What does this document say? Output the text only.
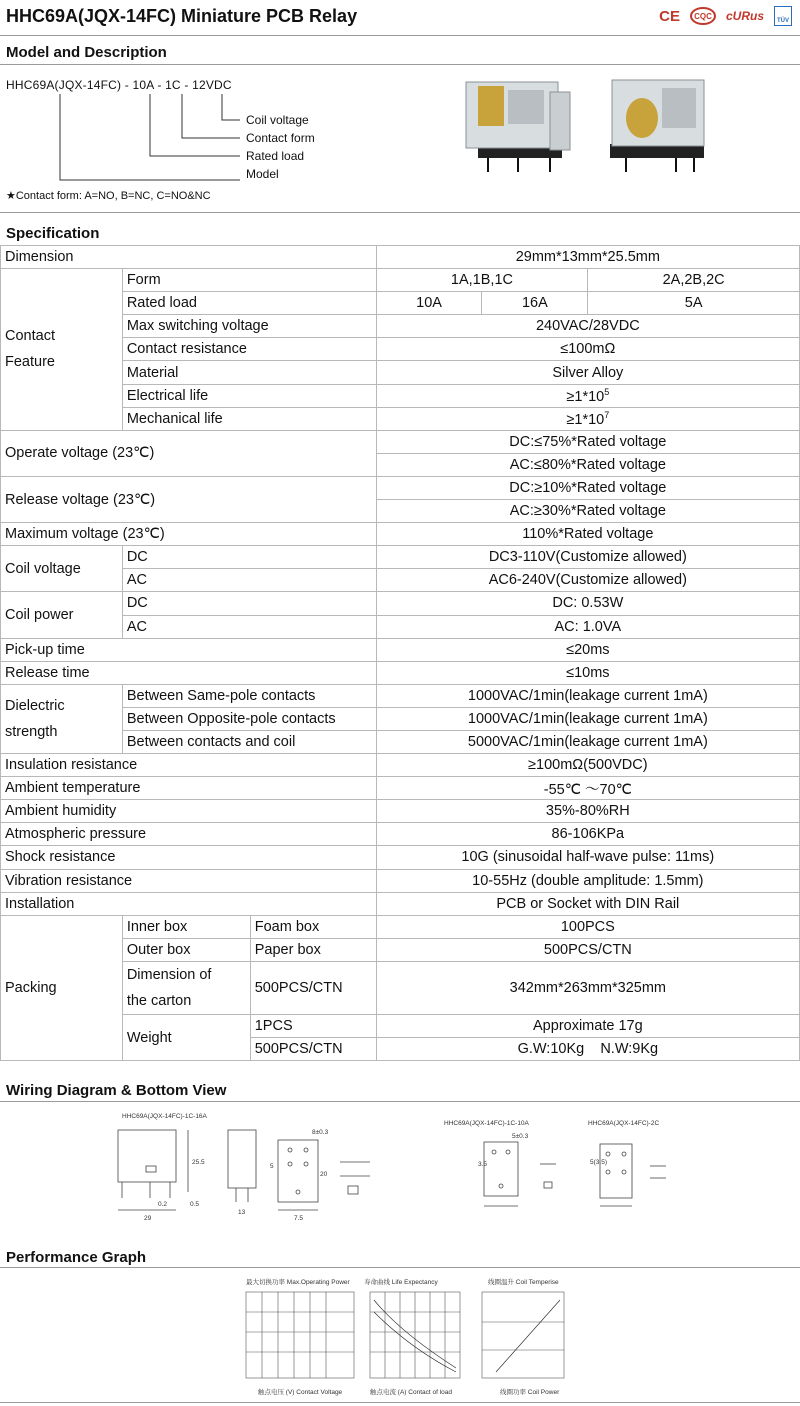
HHC69A(JQX-14FC) Miniature PCB Relay	CE	CQC	cURus	TÜV
Model and Description
HHC69A(JQX-14FC) - 10A - 1C - 12VDC
Coil voltage
Contact form
Rated load
Model
★Contact form: A=NO, B=NC, C=NO&NC
Specification
Dimension			29mm*13mm*25.5mm		
Contact
Feature	Form		1A,1B,1C		2A,2B,2C
	Rated load		10A	16A	5A
	Max switching voltage		240VAC/28VDC		
	Contact resistance		≤100mΩ		
	Material		Silver Alloy		
	Electrical life		$\ge 1*10^5$
	Mechanical life		$\ge 1*10^7$
Operate voltage (23℃)			DC:≤75%*Rated voltage		
			AC:≤80%*Rated voltage		
Release voltage (23℃)			DC:≥10%*Rated voltage		
			AC:≥30%*Rated voltage		
Maximum voltage (23℃)			110%*Rated voltage		
Coil voltage	DC		DC3-110V(Customize allowed)		
	AC		AC6-240V(Customize allowed)		
Coil power	DC		DC: 0.53W		
	AC		AC: 1.0VA		
Pick-up time			≤20ms		
Release time			≤10ms		
Dielectric
strength	Between Same-pole contacts		1000VAC/1min(leakage current 1mA)		
	Between Opposite-pole contacts		1000VAC/1min(leakage current 1mA)		
	Between contacts and coil		5000VAC/1min(leakage current 1mA)		
Insulation resistance			≥100mΩ(500VDC)		
Ambient temperature			-55℃ ～70℃		
Ambient humidity			35%-80%RH		
Atmospheric pressure			86-106KPa		
Shock resistance			10G (sinusoidal half-wave pulse: 11ms)		
Vibration resistance			10-55Hz (double amplitude: 1.5mm)		
Installation			PCB or Socket with DIN Rail		
Packing	Inner box	Foam box	100PCS		
	Outer box	Paper box	500PCS/CTN		
	Dimension of
the carton	500PCS/CTN	342mm*263mm*325mm		
	Weight	1PCS	Approximate 17g		
		500PCS/CTN	G.W:10Kg    N.W:9Kg		
Wiring Diagram & Bottom View
HHC69A(JQX-14FC)-1C-16A
HHC69A(JQX-14FC)-1C-10A	HHC69A(JQX-14FC)-2C
29
25.5
13
0.5
0.2
8±0.3
5
20
7.5
3.5	5(3.5)
5±0.3
Performance Graph
最大切换功率 Max.Operating Power 寿命曲线 Life Expectancy	线圈温升 Coil Temperise
触点电压 (V) Contact Voltage	触点电流 (A) Contact of load	线圈功率 Coil Power
